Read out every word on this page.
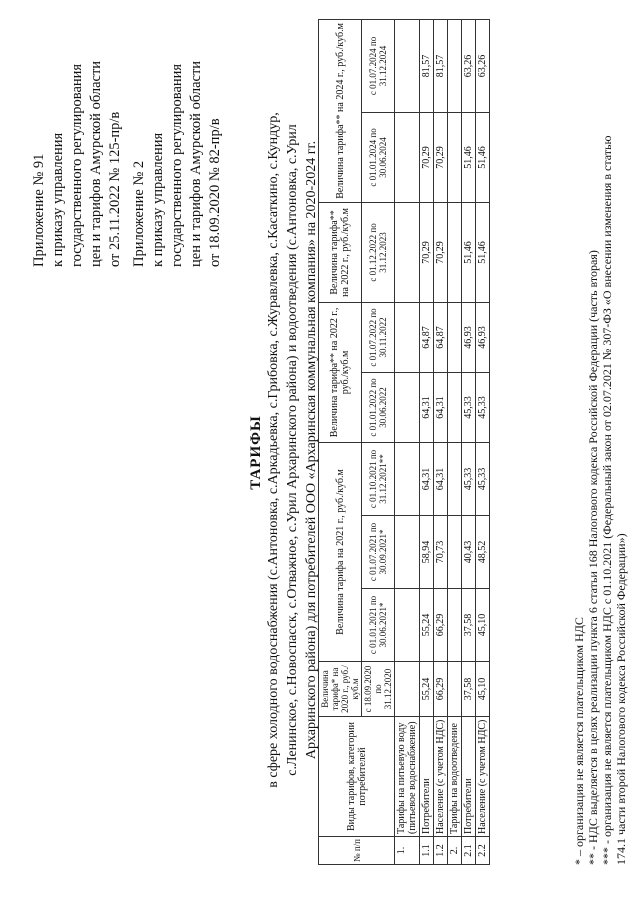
Приложение № 91 к приказу управления государственного регулирования цен и тарифов Амурской области от 25.11.2022 № 125-пр/в Приложение № 2 к приказу управления государственного регулирования цен и тарифов Амурской области от 18.09.2020 № 82-пр/в
ТАРИФЫ в сфере холодного водоснабжения (с.Антоновка, с.Аркадьевка, с.Грибовка, с.Журавлевка, с.Касаткино, с.Кундур, с.Ленинское, с.Новоспасск, с.Отважное, с.Урил Архаринского района) и водоотведения (с.Антоновка, с.Урил Архаринского района) для потребителей ООО «Архаринская коммунальная компания» на 2020-2024 гг.
№ п/п	Виды тарифов, категории потребителей	Величина тарифа* на 2020 г., руб./куб.м	Величина тарифа на 2021 г., руб./куб.м			Величина тарифа** на 2022 г., руб./куб.м		Величина тарифа** на 2022 г., руб./куб.м	Величина тарифа** на 2024 г., руб./куб.м	
		с 18.09.2020 по 31.12.2020	с 01.01.2021 по 30.06.2021*	с 01.07.2021 по 30.09.2021*	с 01.10.2021 по 31.12.2021**	с 01.01.2022 по 30.06.2022	с 01.07.2022 по 30.11.2022	с 01.12.2022 по 31.12.2023	с 01.01.2024 по 30.06.2024	с 01.07.2024 по 31.12.2024
1.	Тарифы на питьевую воду (питьевое водоснабжение)									
1.1	Потребители	55,24	55,24	58,94	64,31	64,31	64,87	70,29	70,29	81,57
1.2	Население (с учетом НДС)	66,29	66,29	70,73	64,31	64,31	64,87	70,29	70,29	81,57
2.	Тарифы на водоотведение									
2.1	Потребители	37,58	37,58	40,43	45,33	45,33	46,93	51,46	51,46	63,26
2.2	Население (с учетом НДС)	45,10	45,10	48,52	45,33	45,33	46,93	51,46	51,46	63,26
* – организация не является плательщиком НДС ** - НДС выделяется в целях реализации пункта 6 статьи 168 Налогового кодекса Российской Федерации (часть вторая) *** - организация не является плательщиком НДС с 01.10.2021 (Федеральный закон от 02.07.2021 № 307-ФЗ «О внесении изменения в статью 174.1 части второй Налогового кодекса Российской Федерации»)
